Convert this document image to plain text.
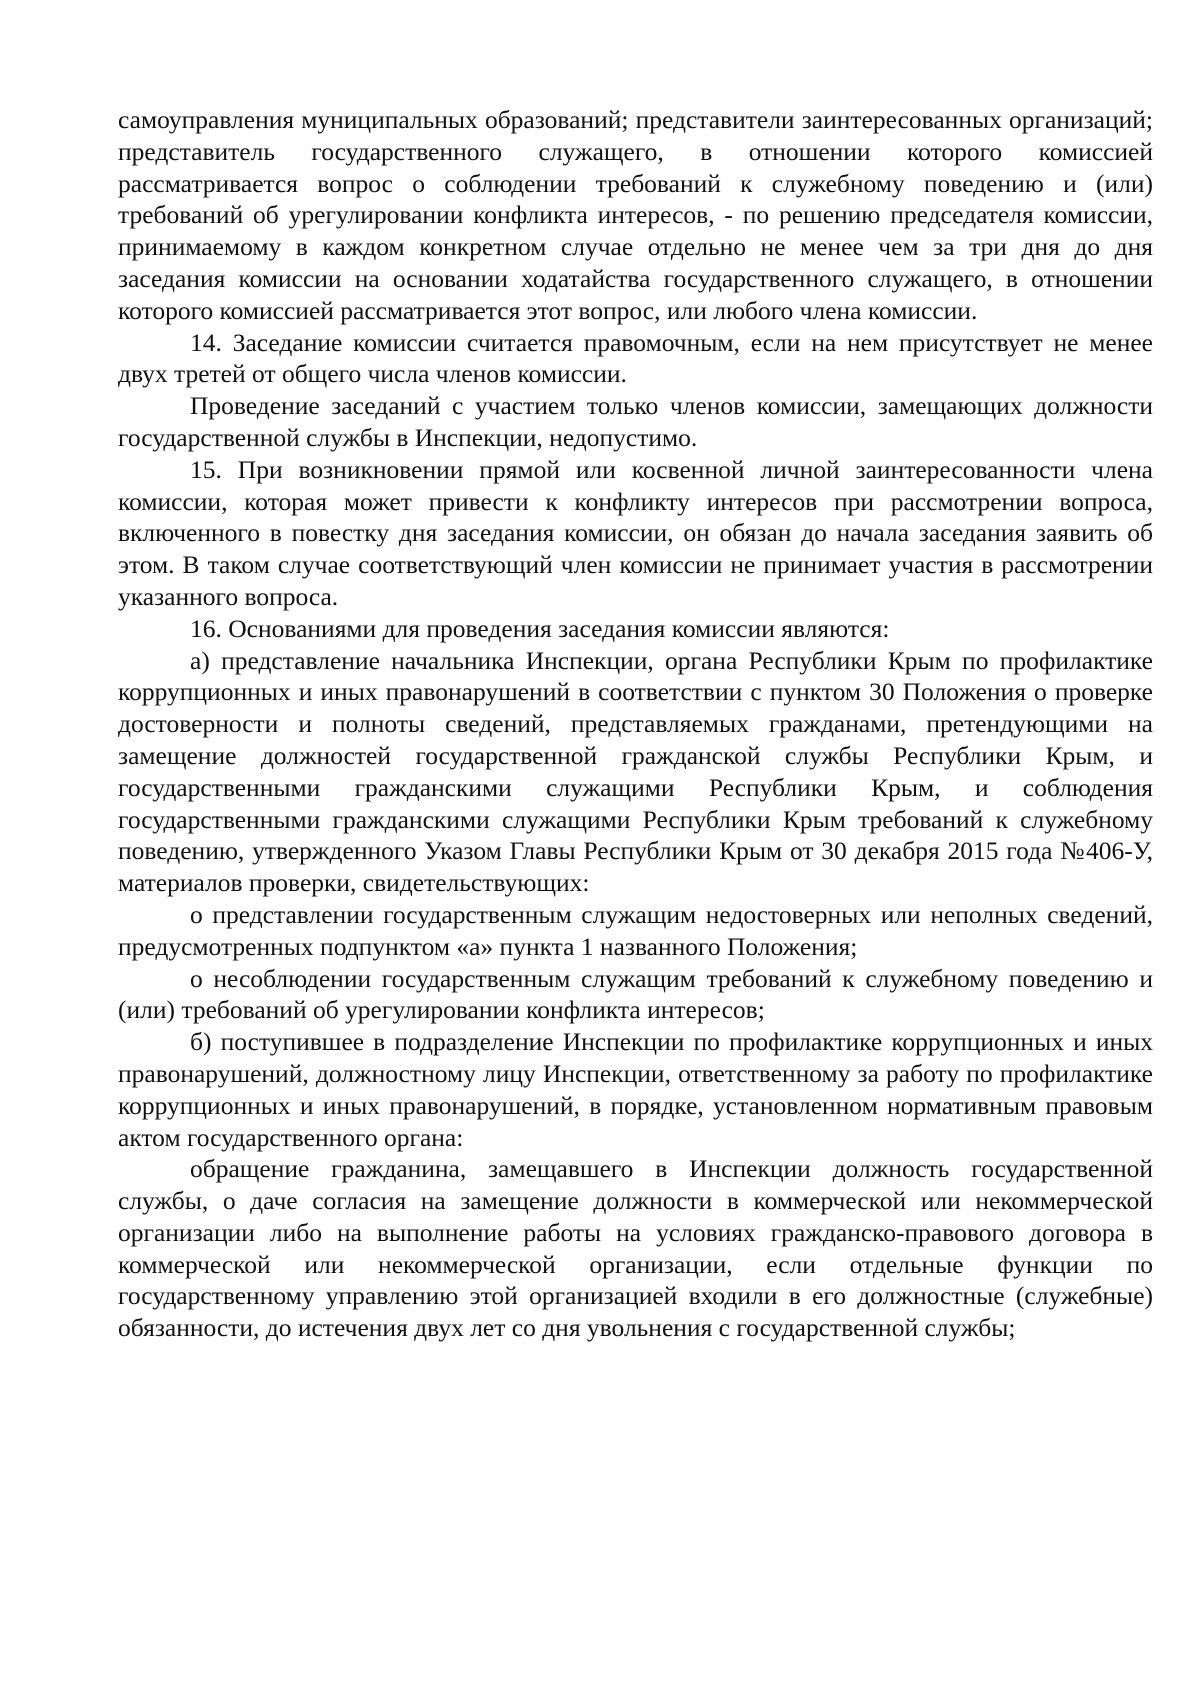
самоуправления муниципальных образований; представители заинтересованных организаций; представитель государственного служащего, в отношении которого комиссией рассматривается вопрос о соблюдении требований к служебному поведению и (или) требований об урегулировании конфликта интересов, - по решению председателя комиссии, принимаемому в каждом конкретном случае отдельно не менее чем за три дня до дня заседания комиссии на основании ходатайства государственного служащего, в отношении которого комиссией рассматривается этот вопрос, или любого члена комиссии.

14. Заседание комиссии считается правомочным, если на нем присутствует не менее двух третей от общего числа членов комиссии.

Проведение заседаний с участием только членов комиссии, замещающих должности государственной службы в Инспекции, недопустимо.

15. При возникновении прямой или косвенной личной заинтересованности члена комиссии, которая может привести к конфликту интересов при рассмотрении вопроса, включенного в повестку дня заседания комиссии, он обязан до начала заседания заявить об этом. В таком случае соответствующий член комиссии не принимает участия в рассмотрении указанного вопроса.

16. Основаниями для проведения заседания комиссии являются:

а) представление начальника Инспекции, органа Республики Крым по профилактике коррупционных и иных правонарушений в соответствии с пунктом 30 Положения о проверке достоверности и полноты сведений, представляемых гражданами, претендующими на замещение должностей государственной гражданской службы Республики Крым, и государственными гражданскими служащими Республики Крым, и соблюдения государственными гражданскими служащими Республики Крым требований к служебному поведению, утвержденного Указом Главы Республики Крым от 30 декабря 2015 года №406-У, материалов проверки, свидетельствующих:

о представлении государственным служащим недостоверных или неполных сведений, предусмотренных подпунктом «а» пункта 1 названного Положения;

о несоблюдении государственным служащим требований к служебному поведению и (или) требований об урегулировании конфликта интересов;

б) поступившее в подразделение Инспекции по профилактике коррупционных и иных правонарушений, должностному лицу Инспекции, ответственному за работу по профилактике коррупционных и иных правонарушений, в порядке, установленном нормативным правовым актом государственного органа:

обращение гражданина, замещавшего в Инспекции должность государственной службы, о даче согласия на замещение должности в коммерческой или некоммерческой организации либо на выполнение работы на условиях гражданско-правового договора в коммерческой или некоммерческой организации, если отдельные функции по государственному управлению этой организацией входили в его должностные (служебные) обязанности, до истечения двух лет со дня увольнения с государственной службы;
